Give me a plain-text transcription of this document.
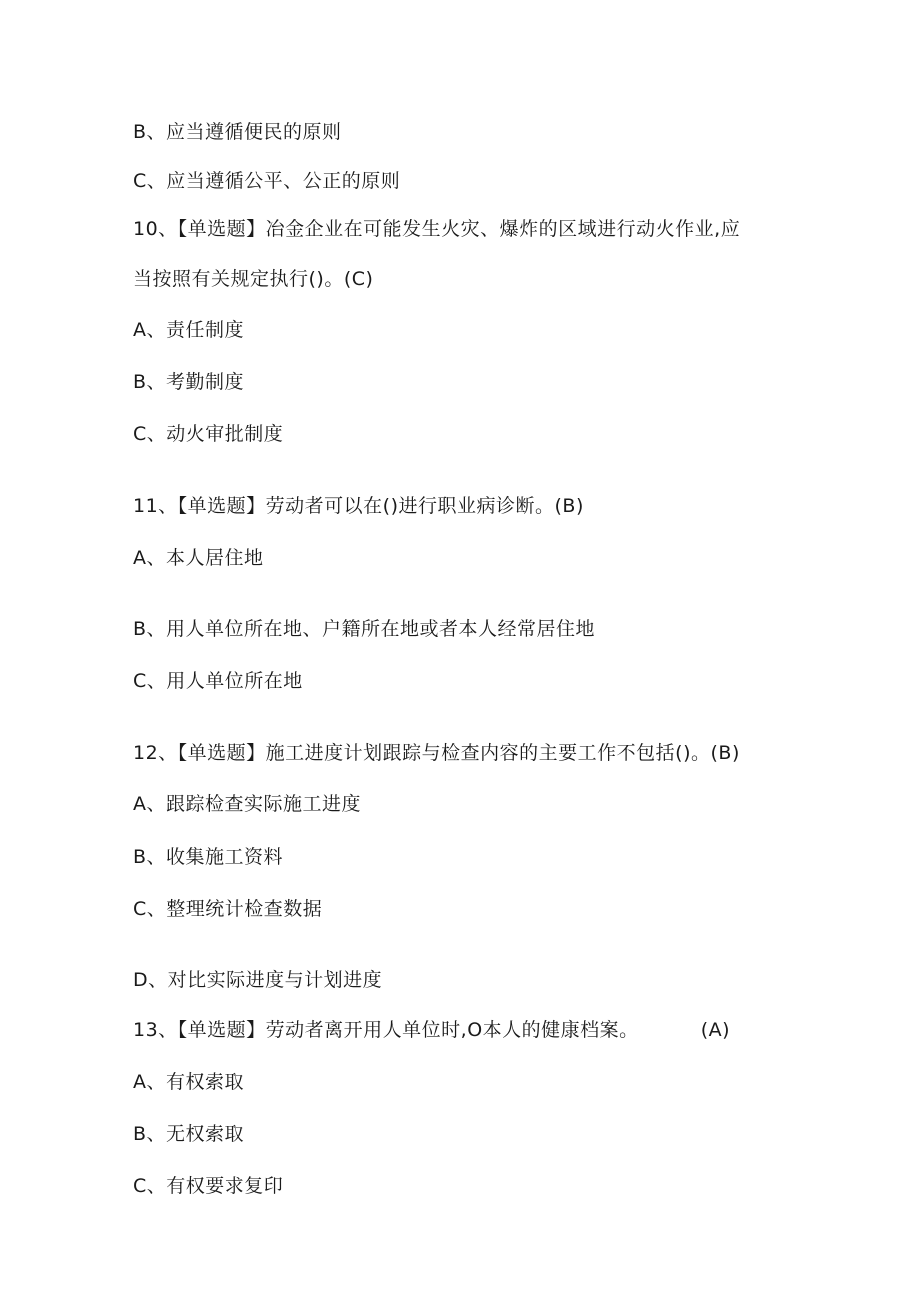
B、应当遵循便民的原则
C、应当遵循公平、公正的原则
10、【单选题】冶金企业在可能发生火灾、爆炸的区域进行动火作业,应
当按照有关规定执行()。(C)
A、责任制度
B、考勤制度
C、动火审批制度
11、【单选题】劳动者可以在()进行职业病诊断。(B)
A、本人居住地
B、用人单位所在地、户籍所在地或者本人经常居住地
C、用人单位所在地
12、【单选题】施工进度计划跟踪与检查内容的主要工作不包括()。(B)
A、跟踪检查实际施工进度
B、收集施工资料
C、整理统计检查数据
D、对比实际进度与计划进度
13、【单选题】劳动者离开用人单位时,O本人的健康档案。	(A)
A、有权索取
B、无权索取
C、有权要求复印
